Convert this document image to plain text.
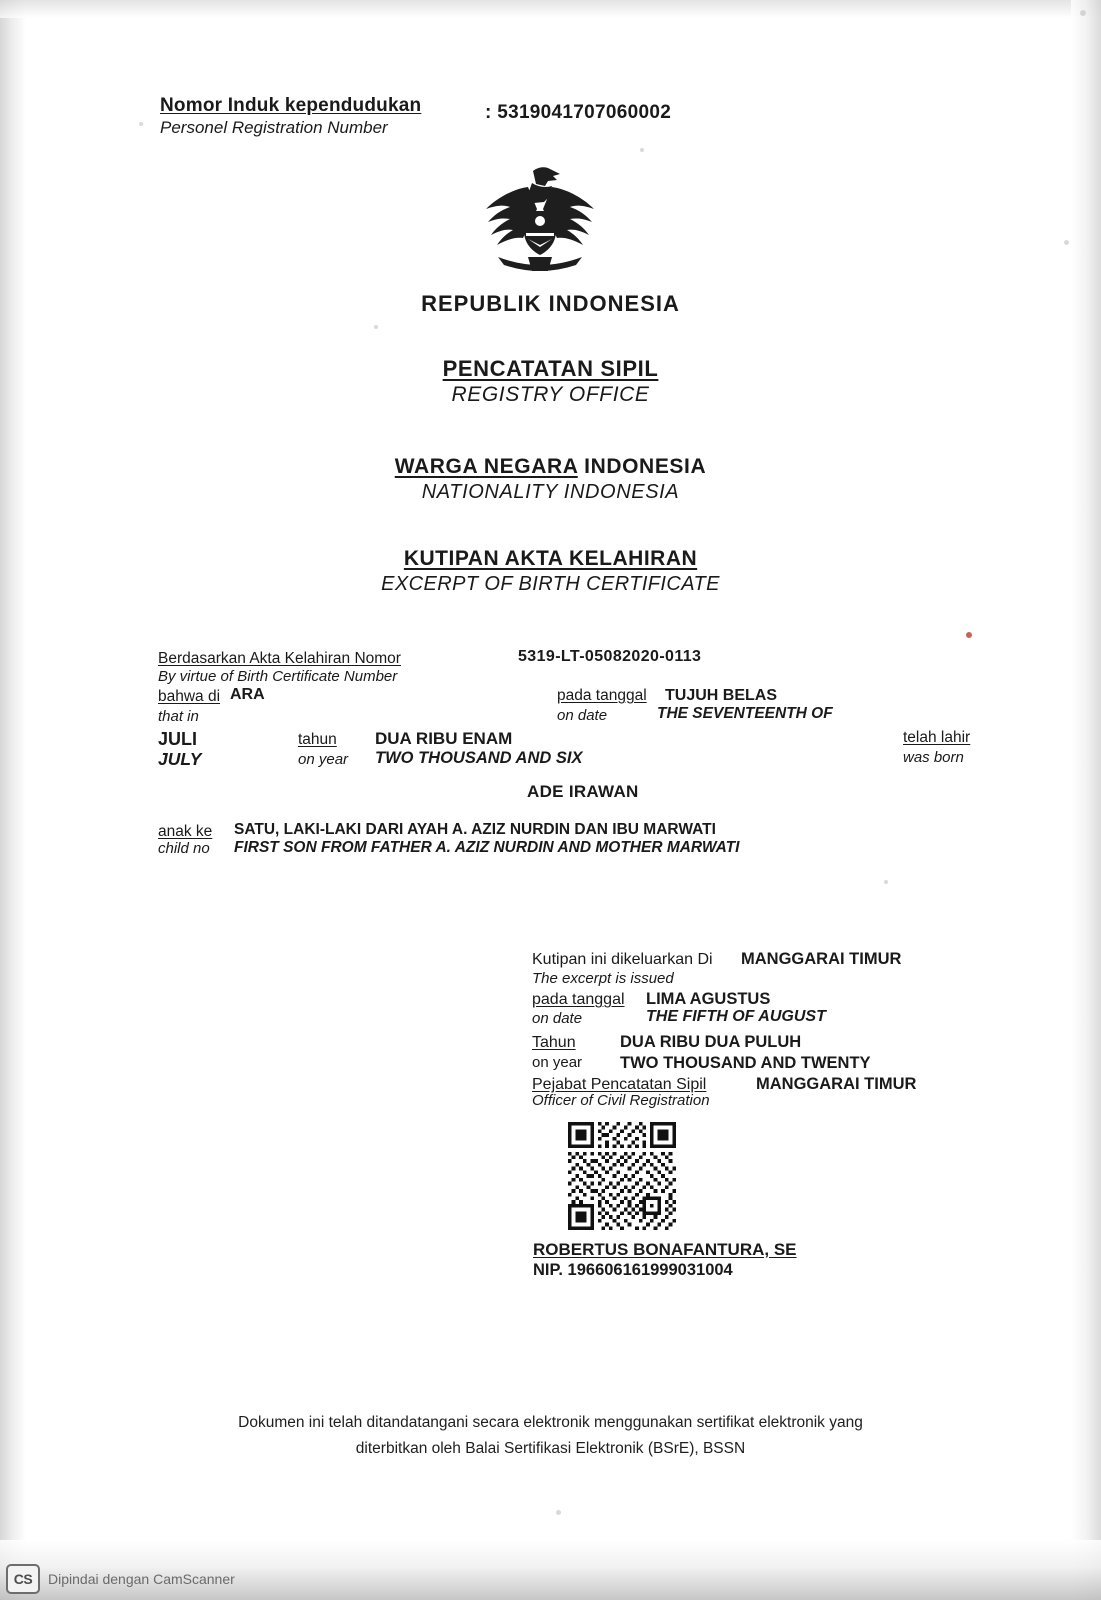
Nomor Induk kependudukan
Personel Registration Number
: 5319041707060002
REPUBLIK INDONESIA
PENCATATAN SIPIL
REGISTRY OFFICE
WARGA NEGARA INDONESIA
NATIONALITY INDONESIA
KUTIPAN AKTA KELAHIRAN
EXCERPT OF BIRTH CERTIFICATE
Berdasarkan Akta Kelahiran Nomor
By virtue of Birth Certificate Number
5319-LT-05082020-0113
bahwa di ARA
that in
pada tanggal
on date
TUJUH BELAS
THE SEVENTEENTH OF
JULI
JULY
tahun
on year
DUA RIBU ENAM
TWO THOUSAND AND SIX
telah lahir
was born
ADE IRAWAN
anak ke
child no
SATU, LAKI-LAKI DARI AYAH A. AZIZ NURDIN DAN IBU MARWATI
FIRST SON FROM FATHER A. AZIZ NURDIN AND MOTHER MARWATI
Kutipan ini dikeluarkan Di
The excerpt is issued
MANGGARAI TIMUR
pada tanggal
on date
LIMA AGUSTUS
THE FIFTH OF AUGUST
Tahun
on year
DUA RIBU DUA PULUH
TWO THOUSAND AND TWENTY
Pejabat Pencatatan Sipil
Officer of Civil Registration
MANGGARAI TIMUR
ROBERTUS BONAFANTURA, SE
NIP. 196606161999031004
Dokumen ini telah ditandatangani secara elektronik menggunakan sertifikat elektronik yang
diterbitkan oleh Balai Sertifikasi Elektronik (BSrE), BSSN
CS	Dipindai dengan CamScanner
